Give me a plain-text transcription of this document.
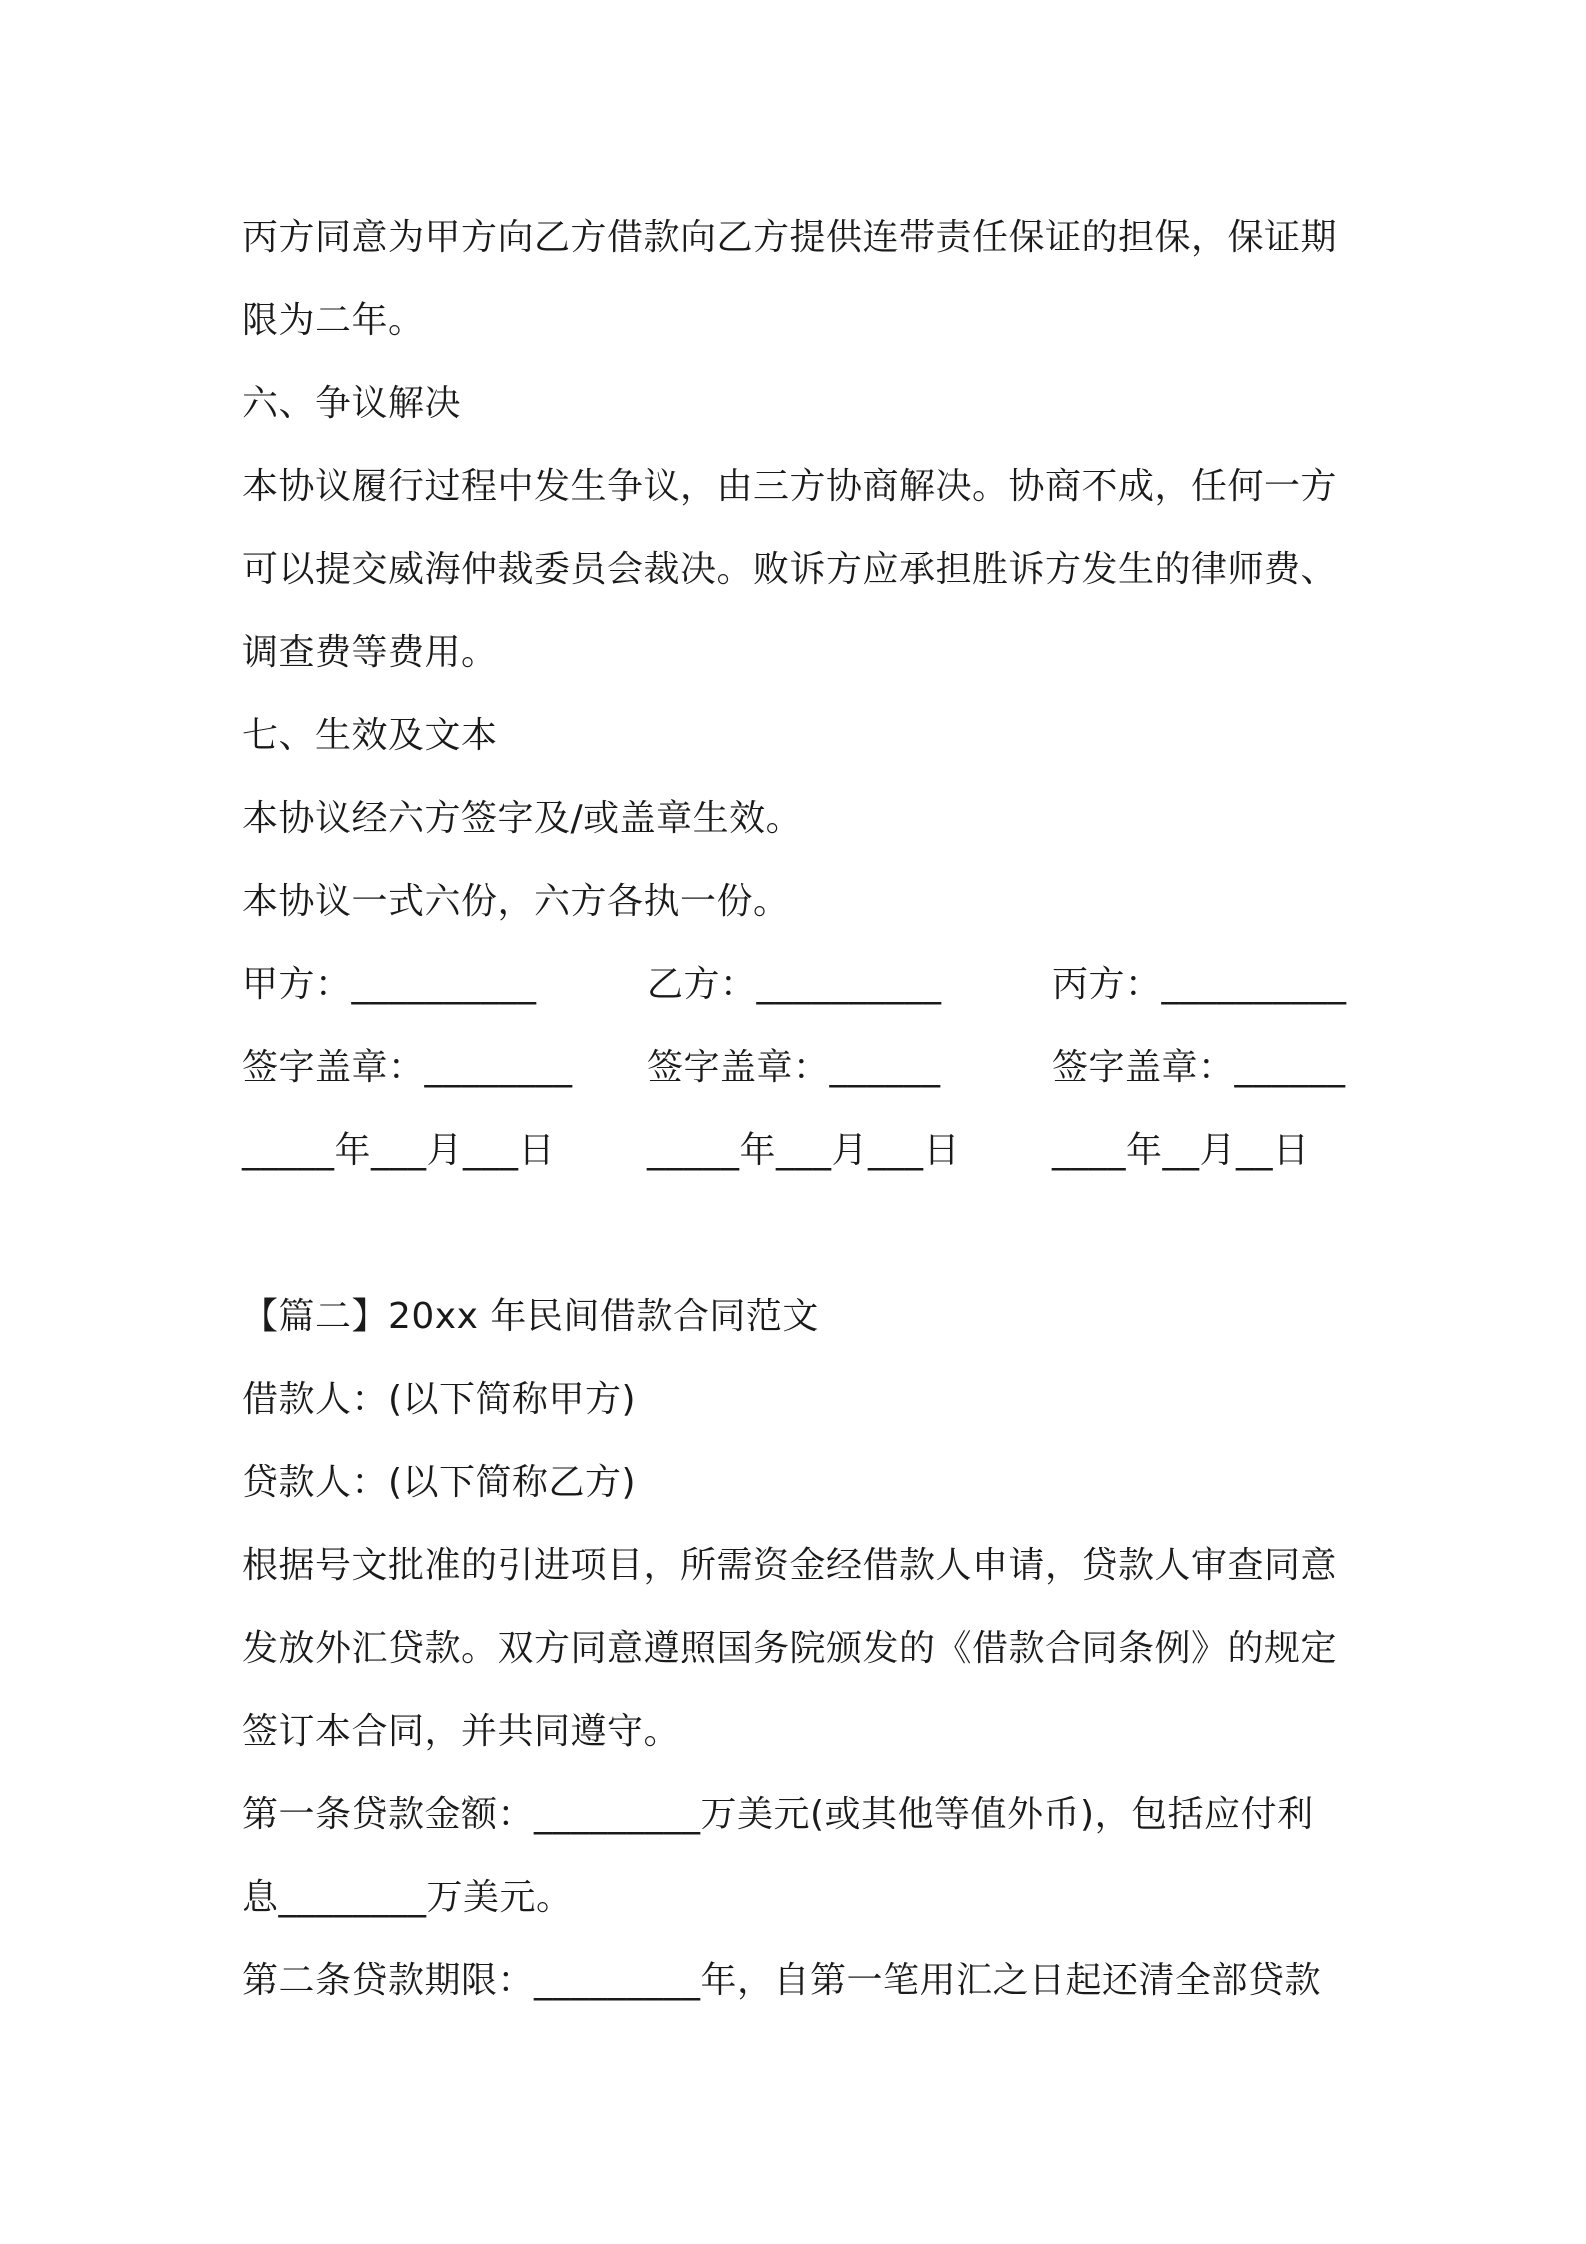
丙方同意为甲方向乙方借款向乙方提供连带责任保证的担保，保证期
限为二年。
六、争议解决
本协议履行过程中发生争议，由三方协商解决。协商不成，任何一方
可以提交威海仲裁委员会裁决。败诉方应承担胜诉方发生的律师费、
调查费等费用。
七、生效及文本
本协议经六方签字及/或盖章生效。
本协议一式六份，六方各执一份。
甲方：__________	乙方：__________	丙方：__________
签字盖章：________ 签字盖章：______	签字盖章：______
_____年___月___日	_____年___月___日	____年__月__日
【篇二】20xx 年民间借款合同范文
借款人：(以下简称甲方)
贷款人：(以下简称乙方)
根据号文批准的引进项目，所需资金经借款人申请，贷款人审查同意
发放外汇贷款。双方同意遵照国务院颁发的《借款合同条例》的规定
签订本合同，并共同遵守。
第一条贷款金额：_________万美元(或其他等值外币)，包括应付利
息________万美元。
第二条贷款期限：_________年，自第一笔用汇之日起还清全部贷款
